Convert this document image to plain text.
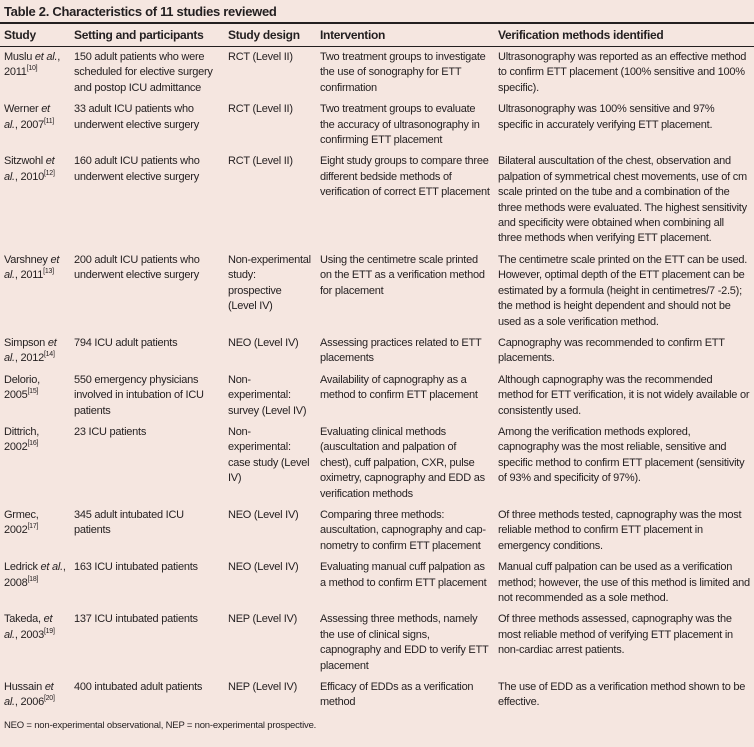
Table 2. Characteristics of 11 studies reviewed
Study	Setting and participants	Study design	Intervention	Verification methods identified
Muslu et al., 2011[10]	150 adult patients who were scheduled for elective surgery and postop ICU admittance	RCT (Level II)	Two treatment groups to investigate the use of sonography for ETT confirmation	Ultrasonography was reported as an effective method to confirm ETT placement (100% sensitive and 100% specific).
Werner et al., 2007[11]	33 adult ICU patients who underwent elective surgery	RCT (Level II)	Two treatment groups to evaluate the accuracy of ultrasonography in confirming ETT placement	Ultrasonography was 100% sensitive and 97% specific in accurately verifying ETT placement.
Sitzwohl et al., 2010[12]	160 adult ICU patients who underwent elective surgery	RCT (Level II)	Eight study groups to compare three different bedside methods of verification of correct ETT placement	Bilateral auscultation of the chest, observation and palpation of symmetrical chest movements, use of cm scale printed on the tube and a combination of the three methods were evaluated. The highest sensitivity and specificity were obtained when combining all three methods when verifying ETT placement.
Varshney et al., 2011[13]	200 adult ICU patients who underwent elective surgery	Non-experimental study: prospective (Level IV)	Using the centimetre scale printed on the ETT as a verification method for placement	The centimetre scale printed on the ETT can be used. However, optimal depth of the ETT placement can be estimated by a formula (height in centimetres/7 -2.5); the method is height dependent and should not be used as a sole verification method.
Simpson et al., 2012[14]	794 ICU adult patients	NEO (Level IV)	Assessing practices related to ETT placements	Capnography was recommended to confirm ETT placements.
Delorio, 2005[15]	550 emergency physicians involved in intubation of ICU patients	Non-experimental: survey (Level IV)	Availability of capnography as a method to confirm ETT placement	Although capnography was the recommended method for ETT verification, it is not widely available or consistently used.
Dittrich, 2002[16]	23 ICU patients	Non-experimental: case study (Level IV)	Evaluating clinical methods (auscultation and palpation of chest), cuff palpation, CXR, pulse oximetry, capnography and EDD as verification methods	Among the verification methods explored, capnography was the most reliable, sensitive and specific method to confirm ETT placement (sensitivity of 93% and specificity of 97%).
Grmec, 2002[17]	345 adult intubated ICU patients	NEO (Level IV)	Comparing three methods: auscultation, capnography and cap-nometry to confirm ETT placement	Of three methods tested, capnography was the most reliable method to confirm ETT placement in emergency conditions.
Ledrick et al., 2008[18]	163 ICU intubated patients	NEO (Level IV)	Evaluating manual cuff palpation as a method to confirm ETT placement	Manual cuff palpation can be used as a verification method; however, the use of this method is limited and not recommended as a sole method.
Takeda, et al., 2003[19]	137 ICU intubated patients	NEP (Level IV)	Assessing three methods, namely the use of clinical signs, capnography and EDD to verify ETT placement	Of three methods assessed, capnography was the most reliable method of verifying ETT placement in non-cardiac arrest patients.
Hussain et al., 2006[20]	400 intubated adult patients	NEP (Level IV)	Efficacy of EDDs as a verification method	The use of EDD as a verification method shown to be effective.
NEO = non-experimental observational, NEP = non-experimental prospective.
